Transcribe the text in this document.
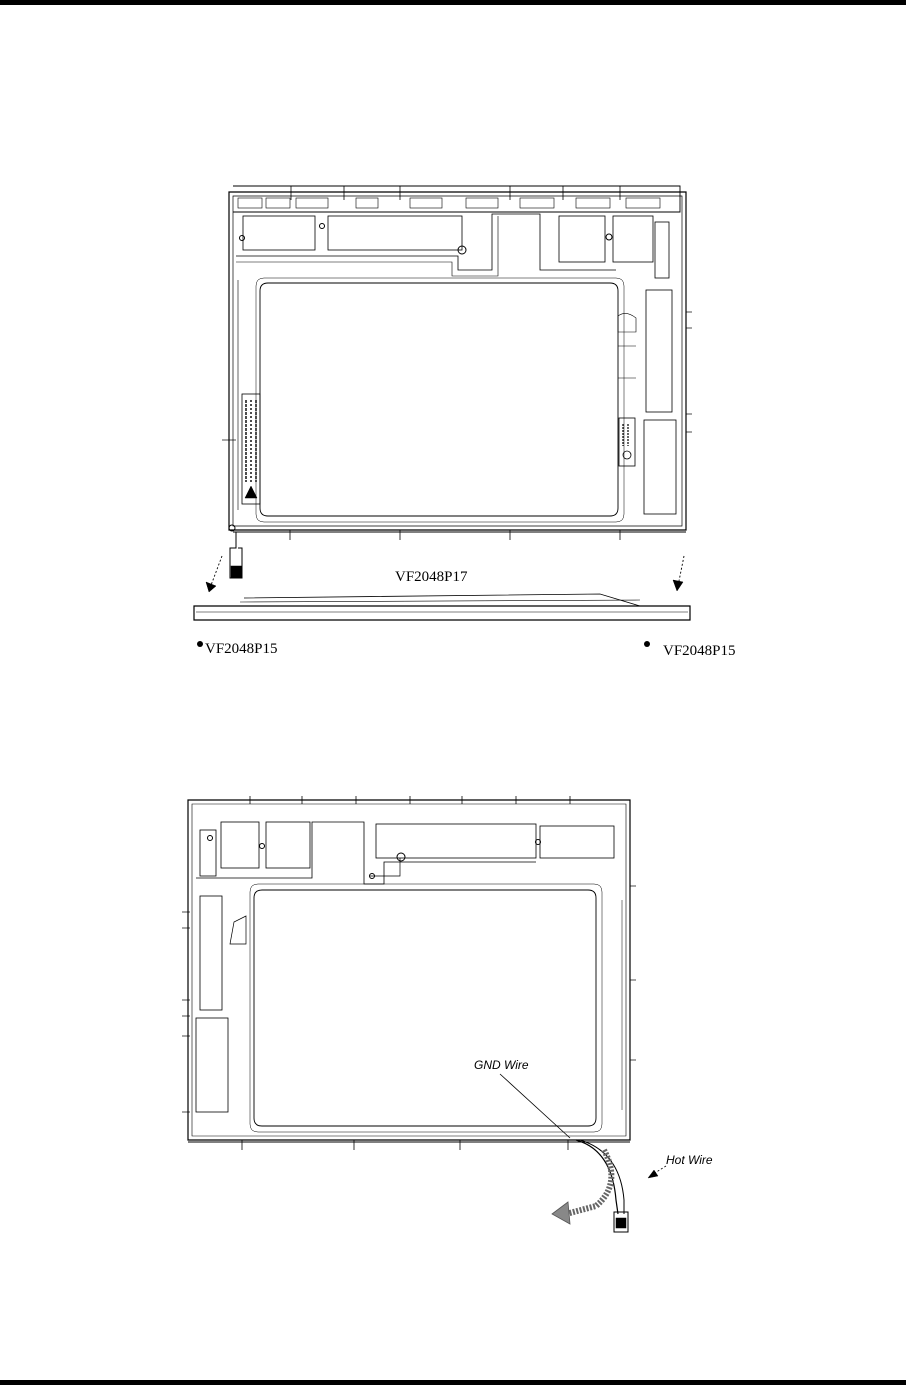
VF2048P17
VF2048P15	VF2048P15
GND Wire
Hot Wire
